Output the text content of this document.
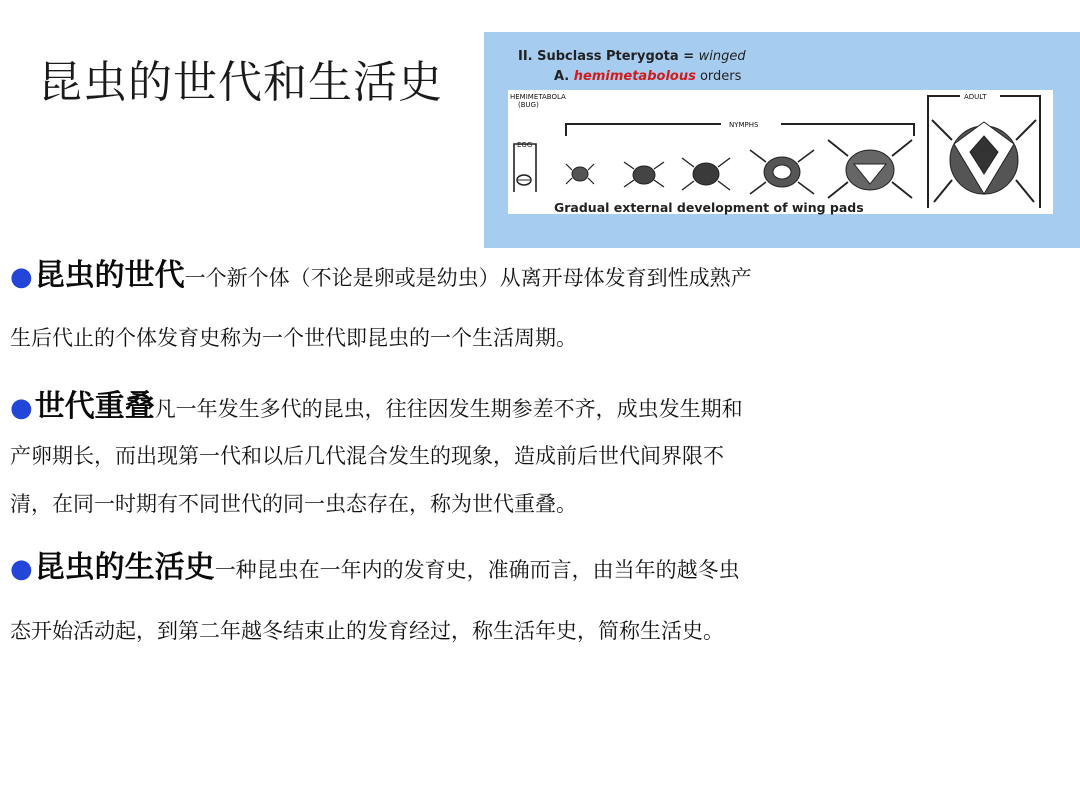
昆虫的世代和生活史
II. Subclass Pterygota = winged
A. hemimetabolous orders
HEMIMETABOLA
(BUG)
NYMPHS
ADULT
EGG
Gradual external development of wing pads
●昆虫的世代一个新个体（不论是卵或是幼虫）从离开母体发育到性成熟产
生后代止的个体发育史称为一个世代即昆虫的一个生活周期。
●世代重叠凡一年发生多代的昆虫，往往因发生期参差不齐，成虫发生期和
产卵期长，而出现第一代和以后几代混合发生的现象，造成前后世代间界限不
清，在同一时期有不同世代的同一虫态存在，称为世代重叠。
●昆虫的生活史一种昆虫在一年内的发育史，准确而言，由当年的越冬虫
态开始活动起，到第二年越冬结束止的发育经过，称生活年史，简称生活史。
